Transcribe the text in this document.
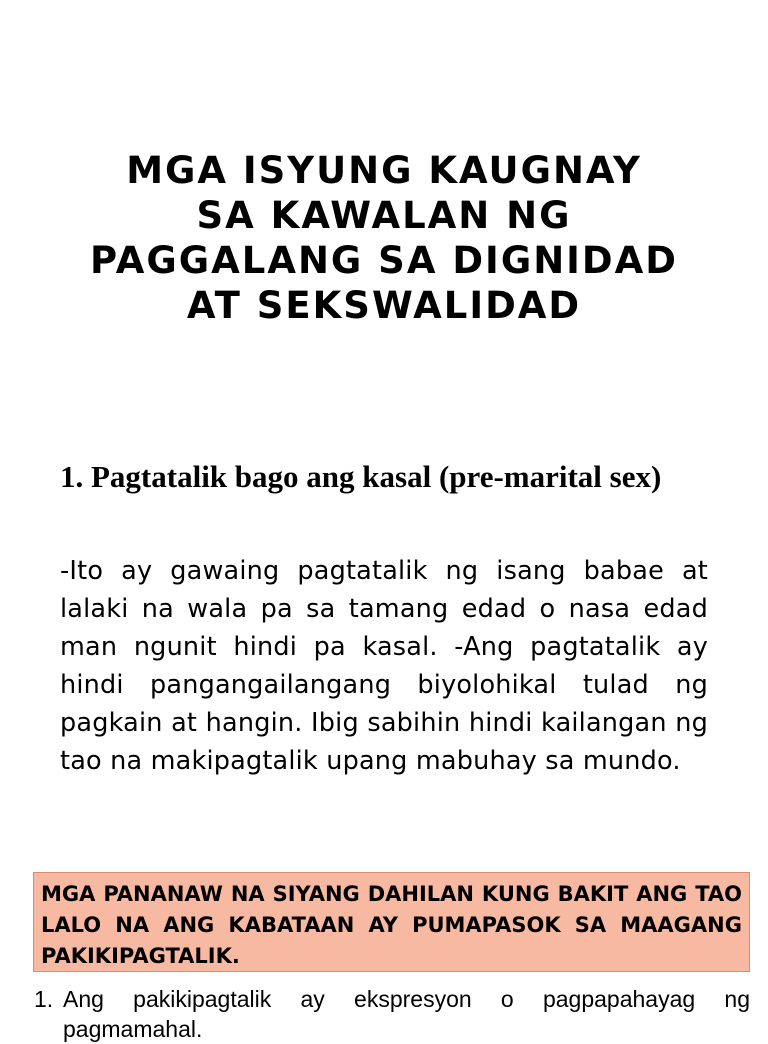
MGA ISYUNG KAUGNAY
SA KAWALAN NG
PAGGALANG SA DIGNIDAD
AT SEKSWALIDAD
1. Pagtatalik bago ang kasal (pre-marital sex)
-Ito ay gawaing pagtatalik ng isang babae at lalaki na wala pa sa tamang edad o nasa edad man ngunit hindi pa kasal. -Ang pagtatalik ay hindi pangangailangang biyolohikal tulad ng pagkain at hangin. Ibig sabihin hindi kailangan ng tao na makipagtalik upang mabuhay sa mundo.
MGA PANANAW NA SIYANG DAHILAN KUNG BAKIT ANG TAO LALO NA ANG KABATAAN AY PUMAPASOK SA MAAGANG PAKIKIPAGTALIK.
1. Ang pakikipagtalik ay ekspresyon o pagpapahayag ng pagmamahal.
